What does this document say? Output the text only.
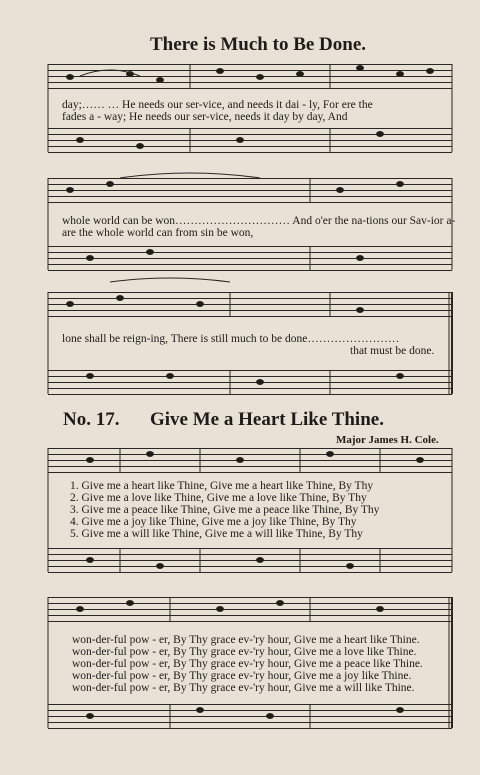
There is Much to Be Done.
day;…… … He needs our ser-vice, and needs it dai - ly, For ere the
fades a - way; He needs our ser-vice, needs it day by day, And
whole world can be won………………………… And o'er the na-tions our Sav-ior a-
are the whole world can from sin be won,
lone shall be reign-ing, There is still much to be done……………………
that must be done.
No. 17. Give Me a Heart Like Thine.
Major James H. Cole.
1. Give me a heart like Thine, Give me a heart like Thine, By Thy
2. Give me a love like Thine, Give me a love like Thine, By Thy
3. Give me a peace like Thine, Give me a peace like Thine, By Thy
4. Give me a joy like Thine, Give me a joy like Thine, By Thy
5. Give me a will like Thine, Give me a will like Thine, By Thy
won-der-ful pow - er, By Thy grace ev-'ry hour, Give me a heart like Thine.
won-der-ful pow - er, By Thy grace ev-'ry hour, Give me a love like Thine.
won-der-ful pow - er, By Thy grace ev-'ry hour, Give me a peace like Thine.
won-der-ful pow - er, By Thy grace ev-'ry hour, Give me a joy like Thine.
won-der-ful pow - er, By Thy grace ev-'ry hour, Give me a will like Thine.
